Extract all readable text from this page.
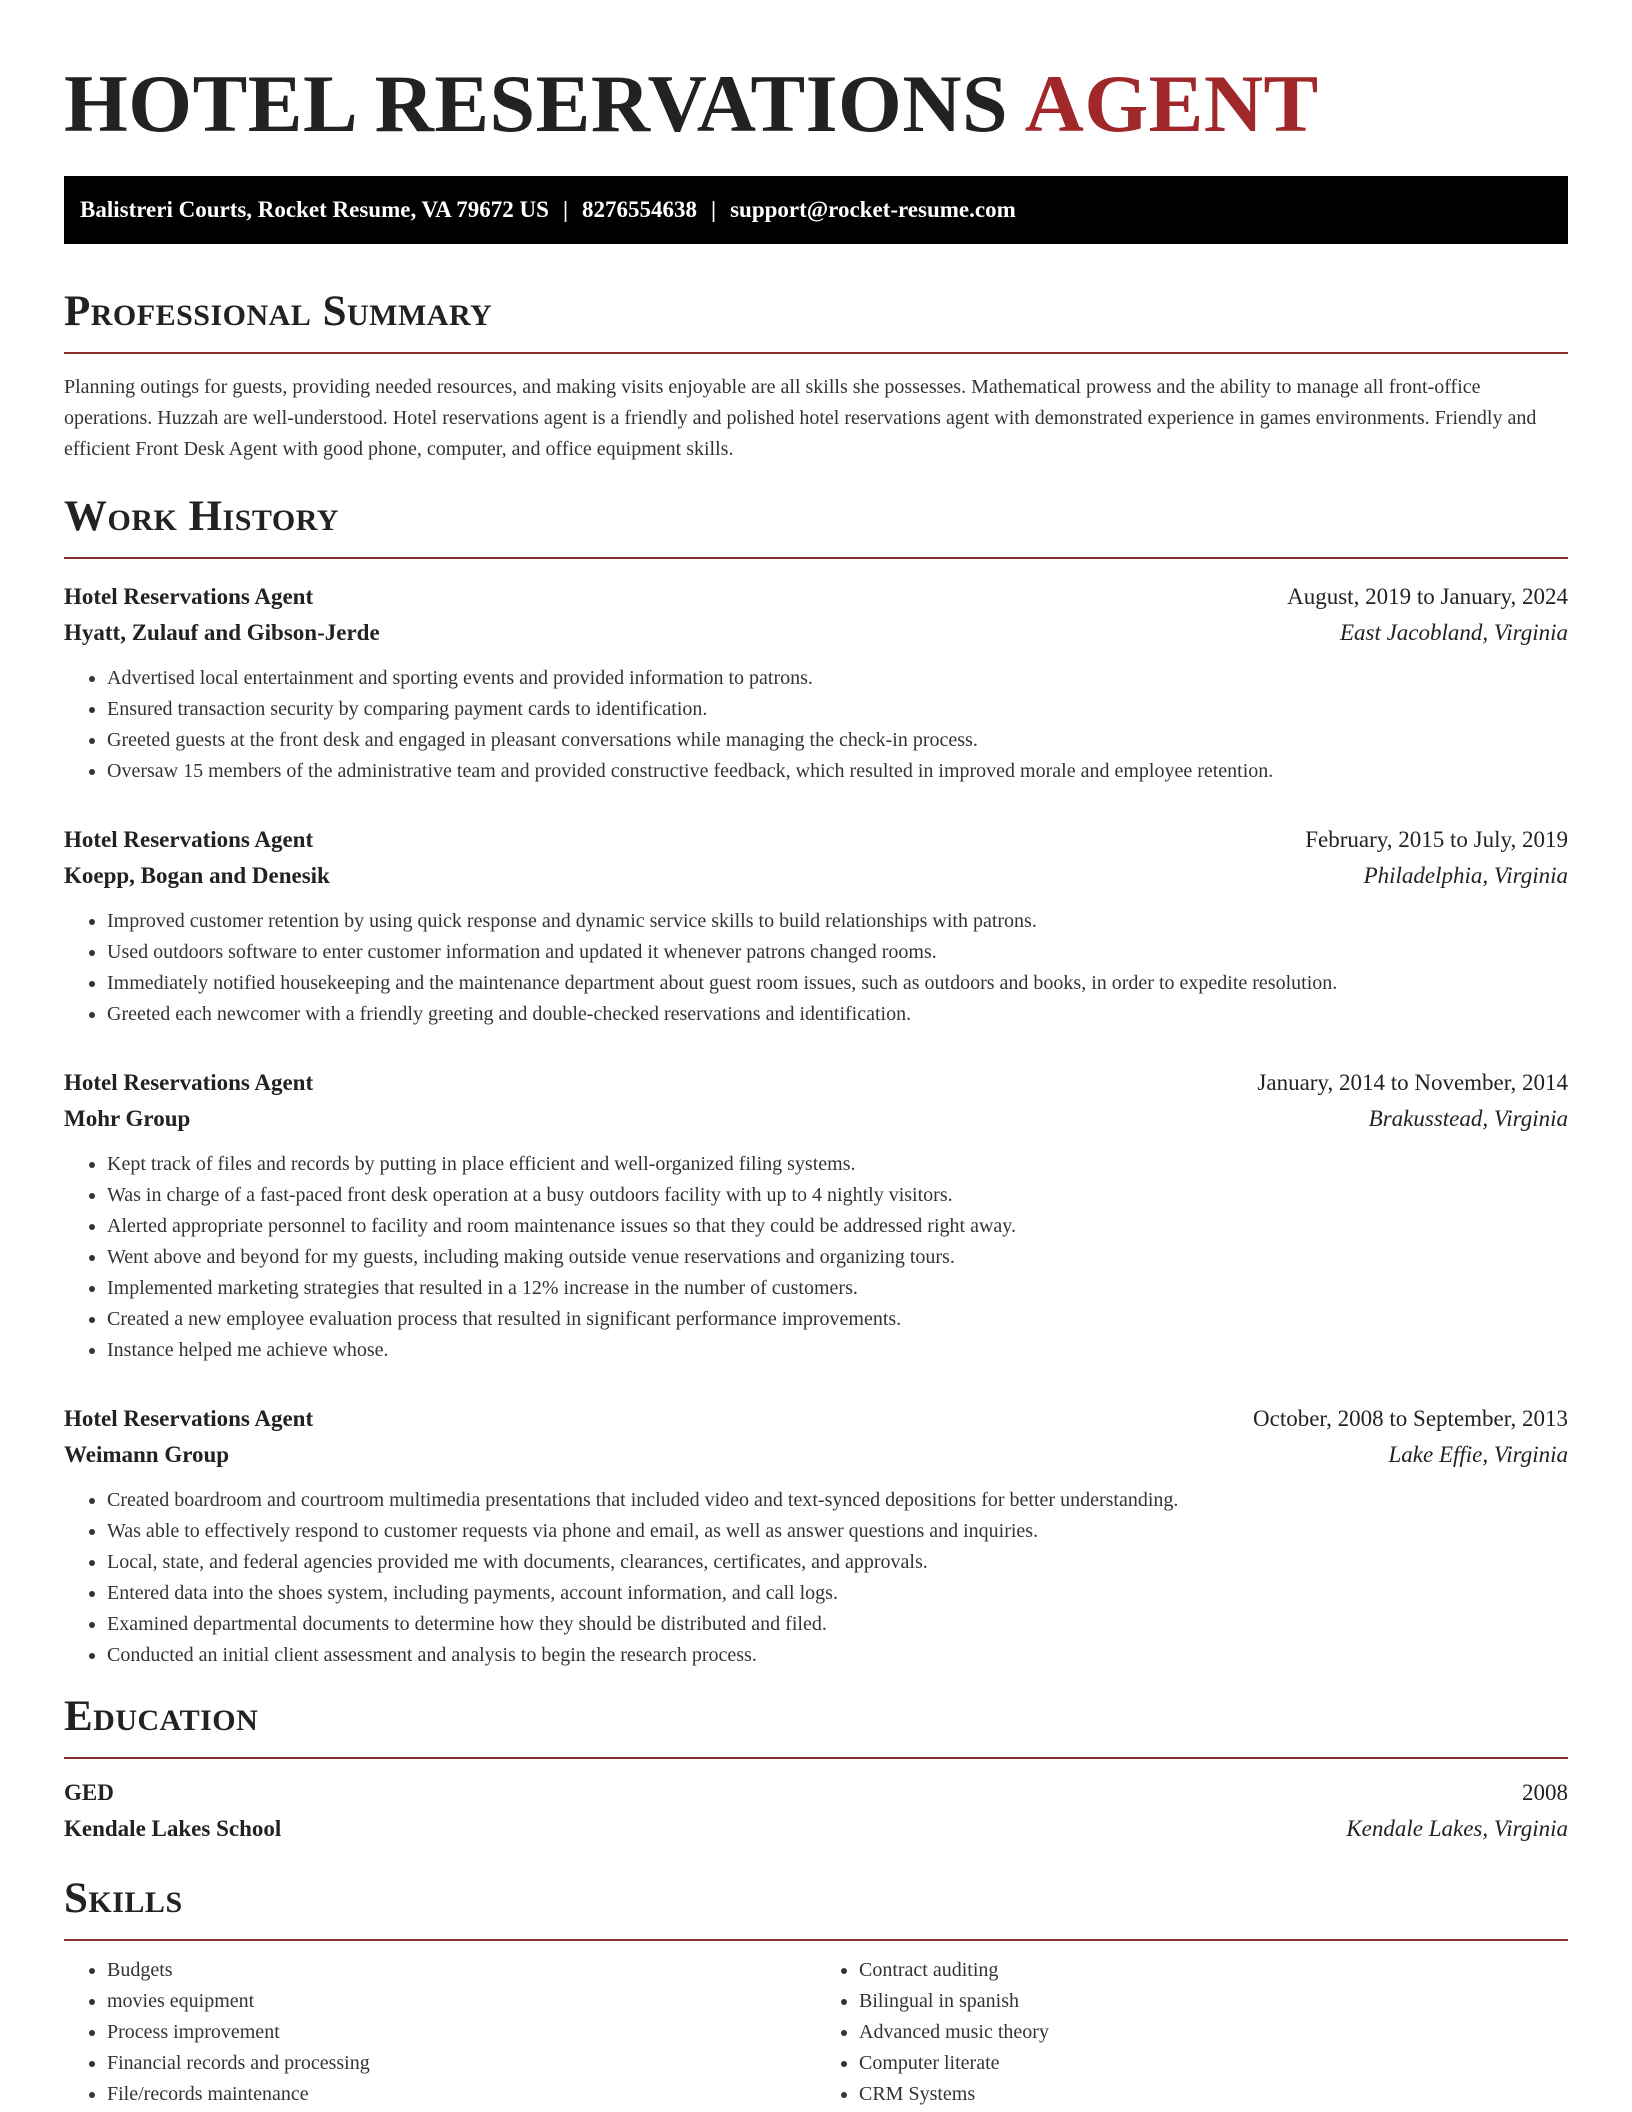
HOTEL RESERVATIONS AGENT
Balistreri Courts, Rocket Resume, VA 79672 US | 8276554638 | support@rocket-resume.com
Professional Summary

Planning outings for guests, providing needed resources, and making visits enjoyable are all skills she possesses. Mathematical prowess and the ability to manage all front-office operations. Huzzah are well-understood. Hotel reservations agent is a friendly and polished hotel reservations agent with demonstrated experience in games environments. Friendly and efficient Front Desk Agent with good phone, computer, and office equipment skills.

Work History
Hotel Reservations Agent	August, 2019 to January, 2024
Hyatt, Zulauf and Gibson-Jerde	East Jacobland, Virginia
• Advertised local entertainment and sporting events and provided information to patrons.
• Ensured transaction security by comparing payment cards to identification.
• Greeted guests at the front desk and engaged in pleasant conversations while managing the check-in process.
• Oversaw 15 members of the administrative team and provided constructive feedback, which resulted in improved morale and employee retention.
Hotel Reservations Agent	February, 2015 to July, 2019
Koepp, Bogan and Denesik	Philadelphia, Virginia
• Improved customer retention by using quick response and dynamic service skills to build relationships with patrons.
• Used outdoors software to enter customer information and updated it whenever patrons changed rooms.
• Immediately notified housekeeping and the maintenance department about guest room issues, such as outdoors and books, in order to expedite resolution.
• Greeted each newcomer with a friendly greeting and double-checked reservations and identification.
Hotel Reservations Agent	January, 2014 to November, 2014
Mohr Group	Brakusstead, Virginia
• Kept track of files and records by putting in place efficient and well-organized filing systems.
• Was in charge of a fast-paced front desk operation at a busy outdoors facility with up to 4 nightly visitors.
• Alerted appropriate personnel to facility and room maintenance issues so that they could be addressed right away.
• Went above and beyond for my guests, including making outside venue reservations and organizing tours.
• Implemented marketing strategies that resulted in a 12% increase in the number of customers.
• Created a new employee evaluation process that resulted in significant performance improvements.
• Instance helped me achieve whose.
Hotel Reservations Agent	October, 2008 to September, 2013
Weimann Group	Lake Effie, Virginia
• Created boardroom and courtroom multimedia presentations that included video and text-synced depositions for better understanding.
• Was able to effectively respond to customer requests via phone and email, as well as answer questions and inquiries.
• Local, state, and federal agencies provided me with documents, clearances, certificates, and approvals.
• Entered data into the shoes system, including payments, account information, and call logs.
• Examined departmental documents to determine how they should be distributed and filed.
• Conducted an initial client assessment and analysis to begin the research process.
Education
GED	2008
Kendale Lakes School	Kendale Lakes, Virginia
Skills
• Budgets
• movies equipment
• Process improvement
• Financial records and processing
• File/records maintenance
• Contract auditing
• Bilingual in spanish
• Advanced music theory
• Computer literate
• CRM Systems
